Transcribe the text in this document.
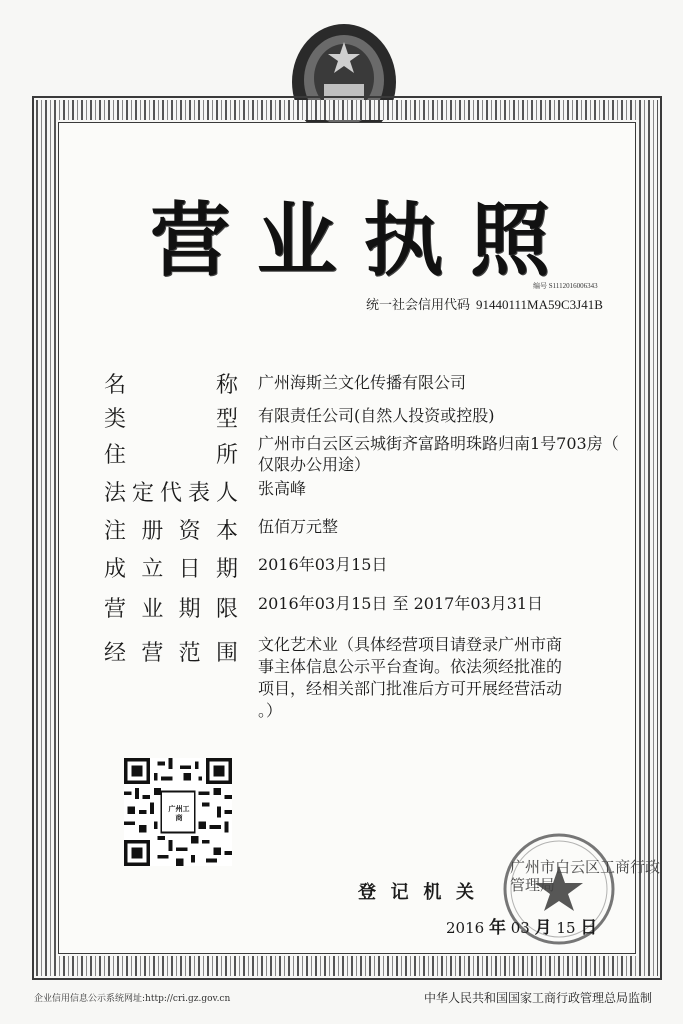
营 业 执 照
编号 S1112016006343
统一社会信用代码 91440111MA59C3J41B
名	称 广州海斯兰文化传播有限公司
类	型 有限责任公司(自然人投资或控股)
住	所 广州市白云区云城街齐富路明珠路归南1号703房（
仅限办公用途）
法 定 代 表 人 张高峰
注 册 资 本 伍佰万元整
成 立 日 期 2016年03月15日
营 业 期 限 2016年03月15日 至 2017年03月31日
经 营 范 围 文化艺术业（具体经营项目请登录广州市商
事主体信息公示平台查询。依法须经批准的
项目，经相关部门批准后方可开展经营活动
。）
广州工商
登 记 机 关
广州市白云区工商行政
管理局
2016 年 03 月 15 日
企业信用信息公示系统网址:http://cri.gz.gov.cn	中华人民共和国国家工商行政管理总局监制
